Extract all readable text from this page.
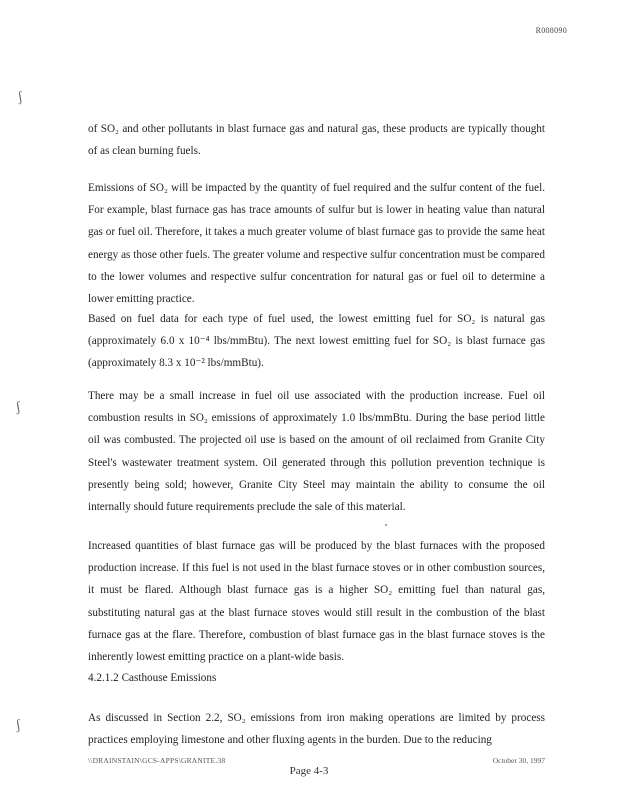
R008090
ʃ
ʃ
ʃ

of SO₂ and other pollutants in blast furnace gas and natural gas, these products are typically thought of as clean burning fuels.

Emissions of SO₂ will be impacted by the quantity of fuel required and the sulfur content of the fuel. For example, blast furnace gas has trace amounts of sulfur but is lower in heating value than natural gas or fuel oil. Therefore, it takes a much greater volume of blast furnace gas to provide the same heat energy as those other fuels. The greater volume and respective sulfur concentration must be compared to the lower volumes and respective sulfur concentration for natural gas or fuel oil to determine a lower emitting practice.

Based on fuel data for each type of fuel used, the lowest emitting fuel for SO₂ is natural gas (approximately 6.0 x 10⁻⁴ lbs/mmBtu). The next lowest emitting fuel for SO₂ is blast furnace gas (approximately 8.3 x 10⁻² lbs/mmBtu).

There may be a small increase in fuel oil use associated with the production increase. Fuel oil combustion results in SO₂ emissions of approximately 1.0 lbs/mmBtu. During the base period little oil was combusted. The projected oil use is based on the amount of oil reclaimed from Granite City Steel's wastewater treatment system. Oil generated through this pollution prevention technique is presently being sold; however, Granite City Steel may maintain the ability to consume the oil internally should future requirements preclude the sale of this material.

Increased quantities of blast furnace gas will be produced by the blast furnaces with the proposed production increase. If this fuel is not used in the blast furnace stoves or in other combustion sources, it must be flared. Although blast furnace gas is a higher SO₂ emitting fuel than natural gas, substituting natural gas at the blast furnace stoves would still result in the combustion of the blast furnace gas at the flare. Therefore, combustion of blast furnace gas in the blast furnace stoves is the inherently lowest emitting practice on a plant-wide basis.

4.2.1.2 Casthouse Emissions

As discussed in Section 2.2, SO₂ emissions from iron making operations are limited by process practices employing limestone and other fluxing agents in the burden. Due to the reducing

\\DRAINSTAIN\GCS-APPS\GRANITE.38	October 30, 1997
Page 4-3
